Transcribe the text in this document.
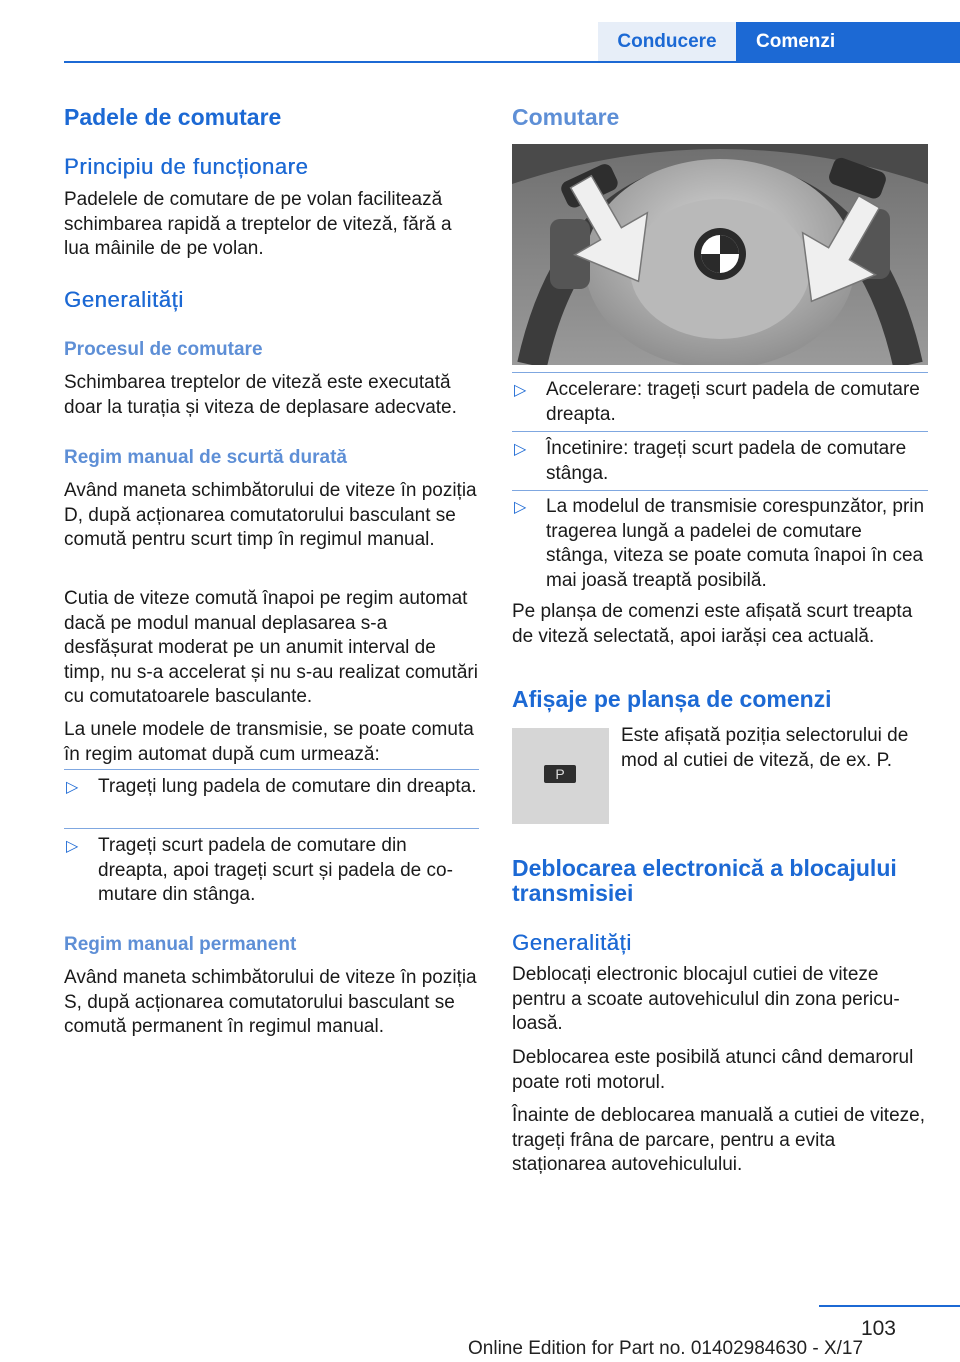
Conducere	Comenzi
Padele de comutare
Principiu de funcționare

Padelele de comutare de pe volan facilitează schimbarea rapidă a treptelor de viteză, fără a lua mâinile de pe volan.

Generalități
Procesul de comutare

Schimbarea treptelor de viteză este executată doar la turația și viteza de deplasare adecvate.

Regim manual de scurtă durată

Având maneta schimbătorului de viteze în poziția D, după acționarea comutatorului basculant se comută pentru scurt timp în regimul manual.

Cutia de viteze comută înapoi pe regim automat dacă pe modul manual deplasarea s-a desfășurat moderat pe un anumit interval de timp, nu s-a accelerat și nu s-au realizat comutări cu comutatoarele basculante.

La unele modele de transmisie, se poate comuta în regim automat după cum urmează:

▷ Trageți lung padela de comutare din dreapta.
▷ Trageți scurt padela de comutare din dreapta, apoi trageți scurt și padela de comutare din stânga.
Regim manual permanent

Având maneta schimbătorului de viteze în poziția S, după acționarea comutatorului basculant se comută permanent în regimul manual.

Comutare
▷ Accelerare: trageți scurt padela de comutare dreapta.
▷ Încetinire: trageți scurt padela de comutare stânga.
▷ La modelul de transmisie corespunzător, prin tragerea lungă a padelei de comutare stânga, viteza se poate comuta înapoi în cea mai joasă treaptă posibilă.

Pe planșa de comenzi este afișată scurt treapta de viteză selectată, apoi iarăși cea actuală.

Afișaje pe planșa de comenzi
P

Este afișată poziția selectorului de mod al cutiei de viteză, de ex. P.

Deblocarea electronică a blocajului transmisiei
Generalități

Deblocați electronic blocajul cutiei de viteze pentru a scoate autovehiculul din zona periculoasă.

Deblocarea este posibilă atunci când demarorul poate roti motorul.

Înainte de deblocarea manuală a cutiei de viteze, trageți frâna de parcare, pentru a evita staționarea autovehiculului.

103
Online Edition for Part no. 01402984630 - X/17
